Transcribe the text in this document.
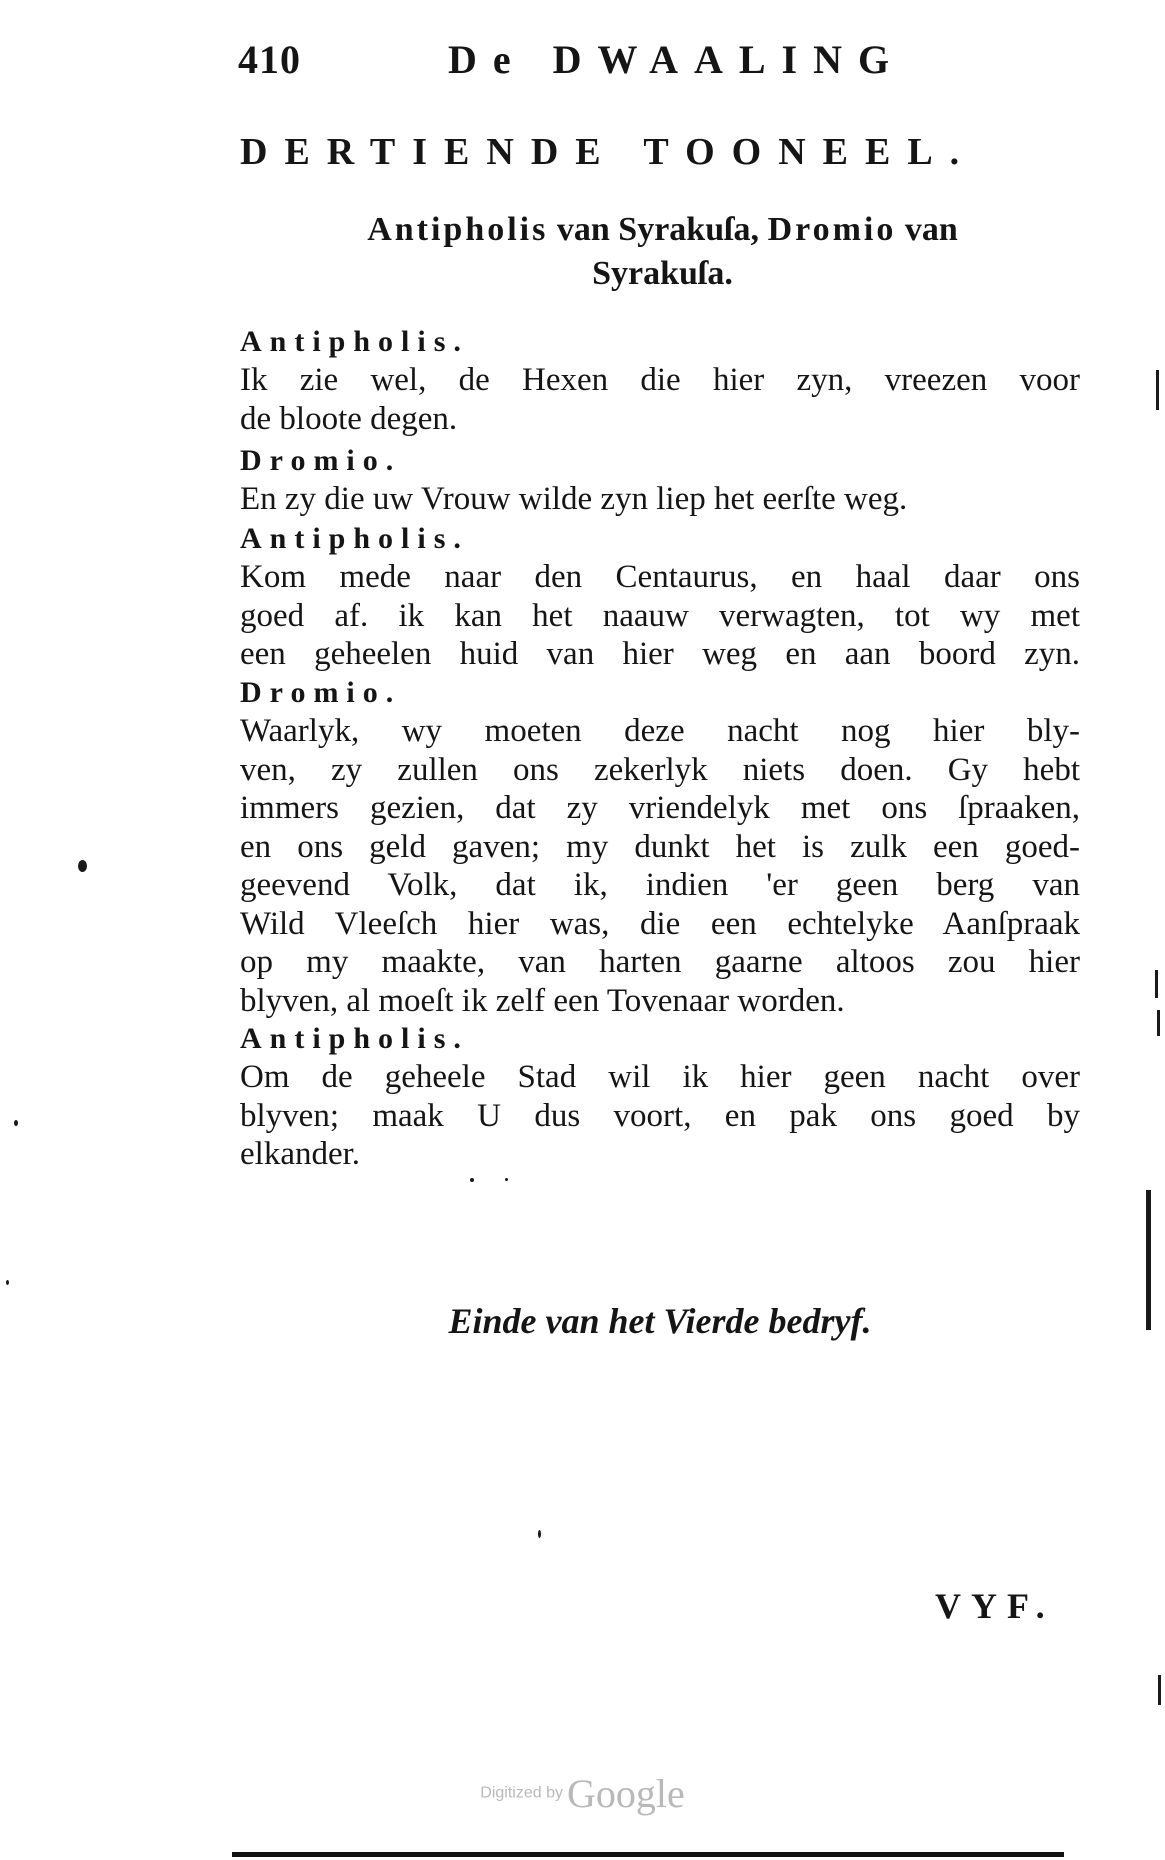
410	De DWAALING
DERTIENDE TOONEEL.
Antipholis van Syrakuſa, Dromio van
Syrakuſa.
Antipholis.
Ik zie wel, de Hexen die hier zyn, vreezen voor
de bloote degen.
Dromio.
En zy die uw Vrouw wilde zyn liep het eerſte weg.
Antipholis.
Kom mede naar den Centaurus, en haal daar ons
goed af. ik kan het naauw verwagten, tot wy met
een geheelen huid van hier weg en aan boord zyn.
Dromio.
Waarlyk, wy moeten deze nacht nog hier bly-
ven, zy zullen ons zekerlyk niets doen. Gy hebt
immers gezien, dat zy vriendelyk met ons ſpraaken,
en ons geld gaven; my dunkt het is zulk een goed-
geevend Volk, dat ik, indien 'er geen berg van
Wild Vleeſch hier was, die een echtelyke Aanſpraak
op my maakte, van harten gaarne altoos zou hier
blyven, al moeſt ik zelf een Tovenaar worden.
Antipholis.
Om de geheele Stad wil ik hier geen nacht over
blyven; maak U dus voort, en pak ons goed by
elkander.
Einde van het Vierde bedryf.
VYF.
Digitized by Google
